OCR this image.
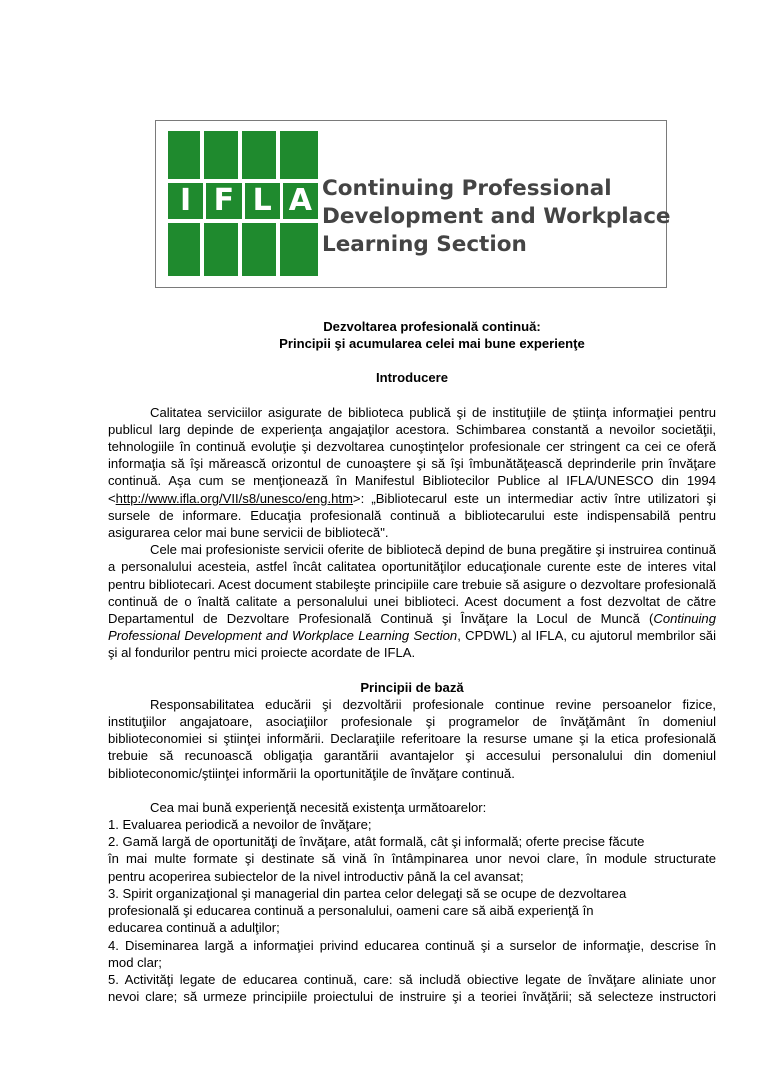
I F L A Continuing Professional
Development and Workplace
Learning Section
Dezvoltarea profesională continuă:
Principii şi acumularea celei mai bune experienţe
Introducere

Calitatea serviciilor asigurate de biblioteca publică şi de instituţiile de ştiinţa informaţiei pentru publicul larg depinde de experienţa angajaţilor acestora. Schimbarea constantă a nevoilor societăţii, tehnologiile în continuă evoluţie şi dezvoltarea cunoştinţelor profesionale cer stringent ca cei ce oferă informaţia să îşi mărească orizontul de cunoaştere şi să îşi îmbunătăţească deprinderile prin învăţare continuă. Aşa cum se menţionează în Manifestul Bibliotecilor Publice al IFLA/UNESCO din 1994 <http://www.ifla.org/VII/s8/unesco/eng.htm>: „Bibliotecarul este un intermediar activ între utilizatori şi sursele de informare. Educaţia profesională continuă a bibliotecarului este indispensabilă pentru asigurarea celor mai bune servicii de bibliotecă".

Cele mai profesioniste servicii oferite de bibliotecă depind de buna pregătire şi instruirea continuă a personalului acesteia, astfel încât calitatea oportunităţilor educaţionale curente este de interes vital pentru bibliotecari. Acest document stabileşte principiile care trebuie să asigure o dezvoltare profesională continuă de o înaltă calitate a personalului unei biblioteci. Acest document a fost dezvoltat de către Departamentul de Dezvoltare Profesională Continuă şi Învăţare la Locul de Muncă (Continuing Professional Development and Workplace Learning Section, CPDWL) al IFLA, cu ajutorul membrilor săi şi al fondurilor pentru mici proiecte acordate de IFLA.

Principii de bază

Responsabilitatea educării şi dezvoltării profesionale continue revine persoanelor fizice, instituţiilor angajatoare, asociaţiilor profesionale şi programelor de învăţământ în domeniul biblioteconomiei si ştiinţei informării. Declaraţiile referitoare la resurse umane şi la etica profesională trebuie să recunoască obligaţia garantării avantajelor şi accesului personalului din domeniul biblioteconomic/ştiinţei informării la oportunităţile de învăţare continuă.

Cea mai bună experienţă necesită existenţa următoarelor:

1. Evaluarea periodică a nevoilor de învăţare;

2. Gamă largă de oportunităţi de învăţare, atât formală, cât şi informală; oferte precise făcute

în mai multe formate şi destinate să vină în întâmpinarea unor nevoi clare, în module structurate

pentru acoperirea subiectelor de la nivel introductiv până la cel avansat;

3. Spirit organizaţional şi managerial din partea celor delegaţi să se ocupe de dezvoltarea

profesională şi educarea continuă a personalului, oameni care să aibă experienţă în

educarea continuă a adulţilor;

4. Diseminarea largă a informaţiei privind educarea continuă şi a surselor de informaţie, descrise în

mod clar;

5. Activităţi legate de educarea continuă, care: să includă obiective legate de învăţare aliniate unor

nevoi clare; să urmeze principiile proiectului de instruire şi a teoriei învăţării; să selecteze instructori
